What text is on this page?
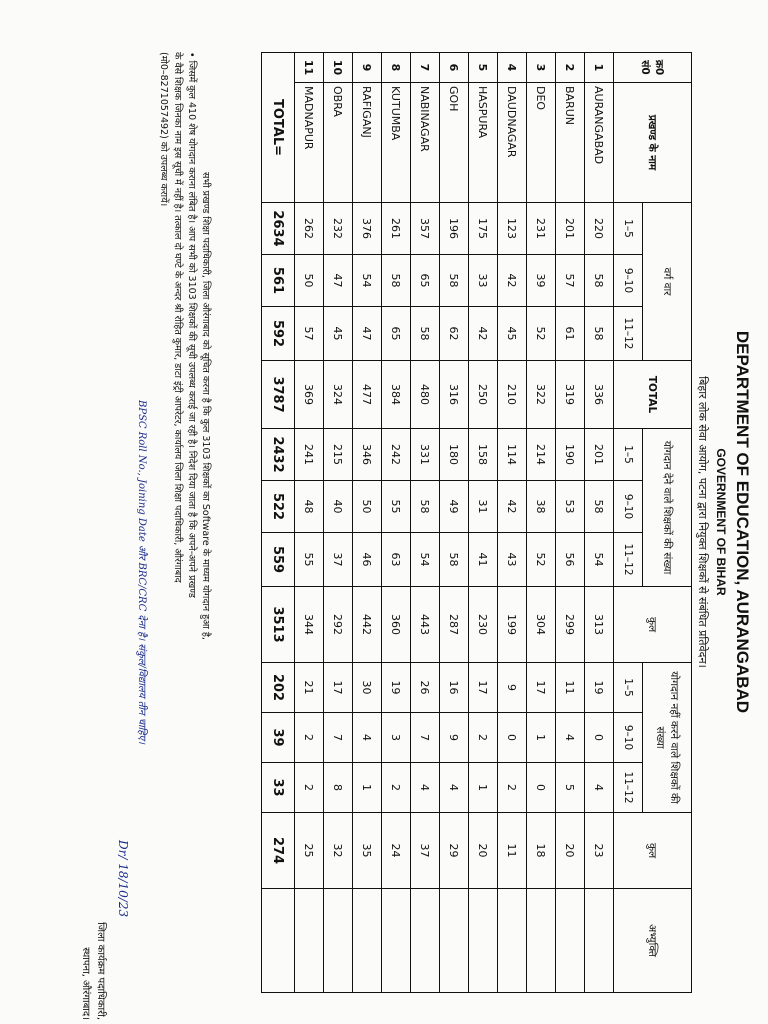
DEPARTMENT OF EDUCATION, AURANGABAD
GOVERNMENT OF BIHAR
बिहार लोक सेवा आयोग, पटना द्वारा नियुक्त शिक्षकों से संबंधित प्रतिवेदन।
क्र0 सं0	प्रखण्ड के नाम	वर्ग वार			TOTAL	योगदान देने वाले शिक्षकों की संख्या			कुल	योगदान नहीं करने वाले शिक्षकों की संख्या			कुल	अभ्युक्ति
		1–5	9–10	11–12		1–5	9–10	11–12		1–5	9–10	11–12		
1	AURANGABAD	220	58	58	336	201	58	54	313	19	0	4	23	
2	BARUN	201	57	61	319	190	53	56	299	11	4	5	20	
3	DEO	231	39	52	322	214	38	52	304	17	1	0	18	
4	DAUDNAGAR	123	42	45	210	114	42	43	199	9	0	2	11	
5	HASPURA	175	33	42	250	158	31	41	230	17	2	1	20	
6	GOH	196	58	62	316	180	49	58	287	16	9	4	29	
7	NABINAGAR	357	65	58	480	331	58	54	443	26	7	4	37	
8	KUTUMBA	261	58	65	384	242	55	63	360	19	3	2	24	
9	RAFIGANJ	376	54	47	477	346	50	46	442	30	4	1	35	
10	OBRA	232	47	45	324	215	40	37	292	17	7	8	32	
11	MADNAPUR	262	50	57	369	241	48	55	344	21	2	2	25	
TOTAL=		2634	561	592	3787	2432	522	559	3513	202	39	33	274	
सभी प्रखण्ड शिक्षा पदाधिकारी, जिला औरंगाबाद को सूचित करना है कि कुल 3103 शिक्षकों का Software के माध्यम योगदान हुआ है,
• जिसमें कुल 410 शेष योगदान कराना लंबित है। आप सभी को 3103 शिक्षकों की सूची उपलब्ध कराई जा रही है। निदेश दिया जाता है कि अपने-अपने प्रखण्ड
के वैसे शिक्षक जिनका नाम इस सूची में नहीं है। तत्काल दो घण्टे के अन्दर श्री रोहित कुमार, डाटा इंट्री आपरेटर, कार्यालय जिला शिक्षा पदाधिकारी, औरंगाबाद
(मो0–8271057492) को उपलब्ध करायें।
BPSC Roll No., Joining Date और BRC/CRC देना है। संकुल/विद्यालय तीन चाहिए।
Dr/ 18/10/23
जिला कार्यक्रम पदाधिकारी,
स्थापना, औरंगाबाद।
